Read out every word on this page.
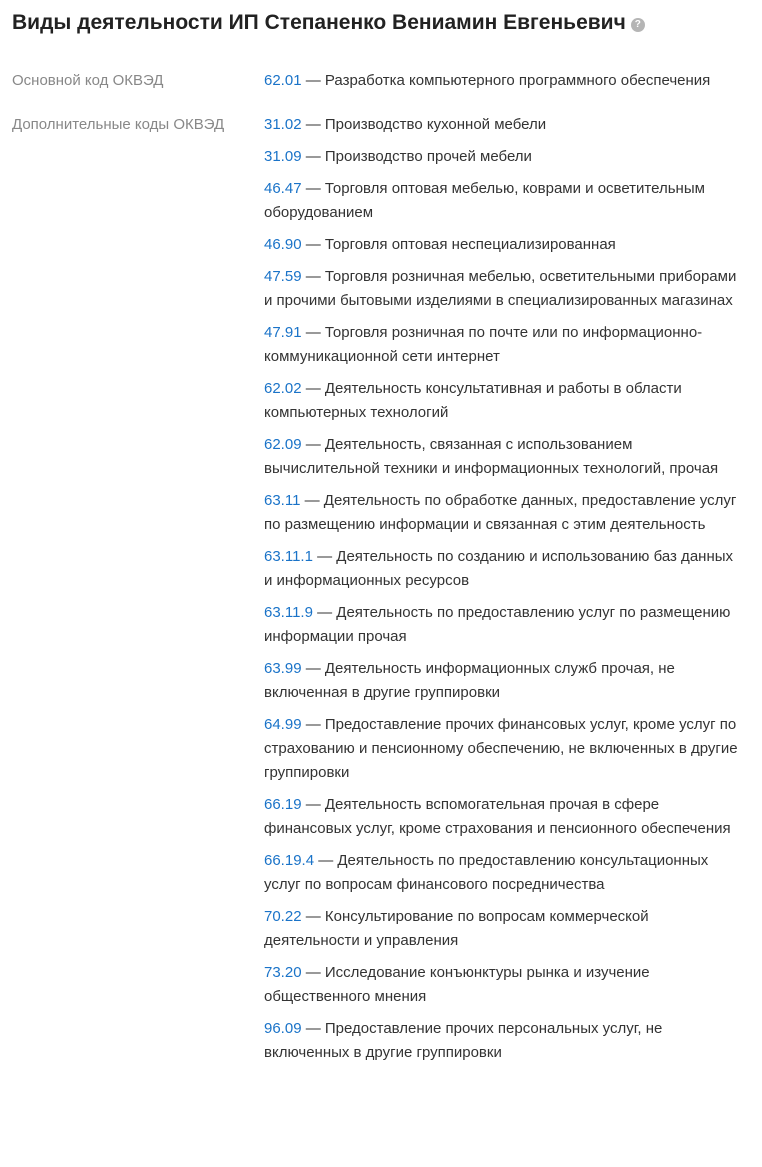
Виды деятельности ИП Степаненко Вениамин Евгеньевич ?
Основной код ОКВЭД	62.01 — Разработка компьютерного программного обеспечения
Дополнительные коды ОКВЭД	31.02 — Производство кухонной мебели
31.09 — Производство прочей мебели
46.47 — Торговля оптовая мебелью, коврами и осветительным оборудованием
46.90 — Торговля оптовая неспециализированная
47.59 — Торговля розничная мебелью, осветительными приборами и прочими бытовыми изделиями в специализированных магазинах
47.91 — Торговля розничная по почте или по информационно-коммуникационной сети интернет
62.02 — Деятельность консультативная и работы в области компьютерных технологий
62.09 — Деятельность, связанная с использованием вычислительной техники и информационных технологий, прочая
63.11 — Деятельность по обработке данных, предоставление услуг по размещению информации и связанная с этим деятельность
63.11.1 — Деятельность по созданию и использованию баз данных и информационных ресурсов
63.11.9 — Деятельность по предоставлению услуг по размещению информации прочая
63.99 — Деятельность информационных служб прочая, не включенная в другие группировки
64.99 — Предоставление прочих финансовых услуг, кроме услуг по страхованию и пенсионному обеспечению, не включенных в другие группировки
66.19 — Деятельность вспомогательная прочая в сфере финансовых услуг, кроме страхования и пенсионного обеспечения
66.19.4 — Деятельность по предоставлению консультационных услуг по вопросам финансового посредничества
70.22 — Консультирование по вопросам коммерческой деятельности и управления
73.20 — Исследование конъюнктуры рынка и изучение общественного мнения
96.09 — Предоставление прочих персональных услуг, не включенных в другие группировки
